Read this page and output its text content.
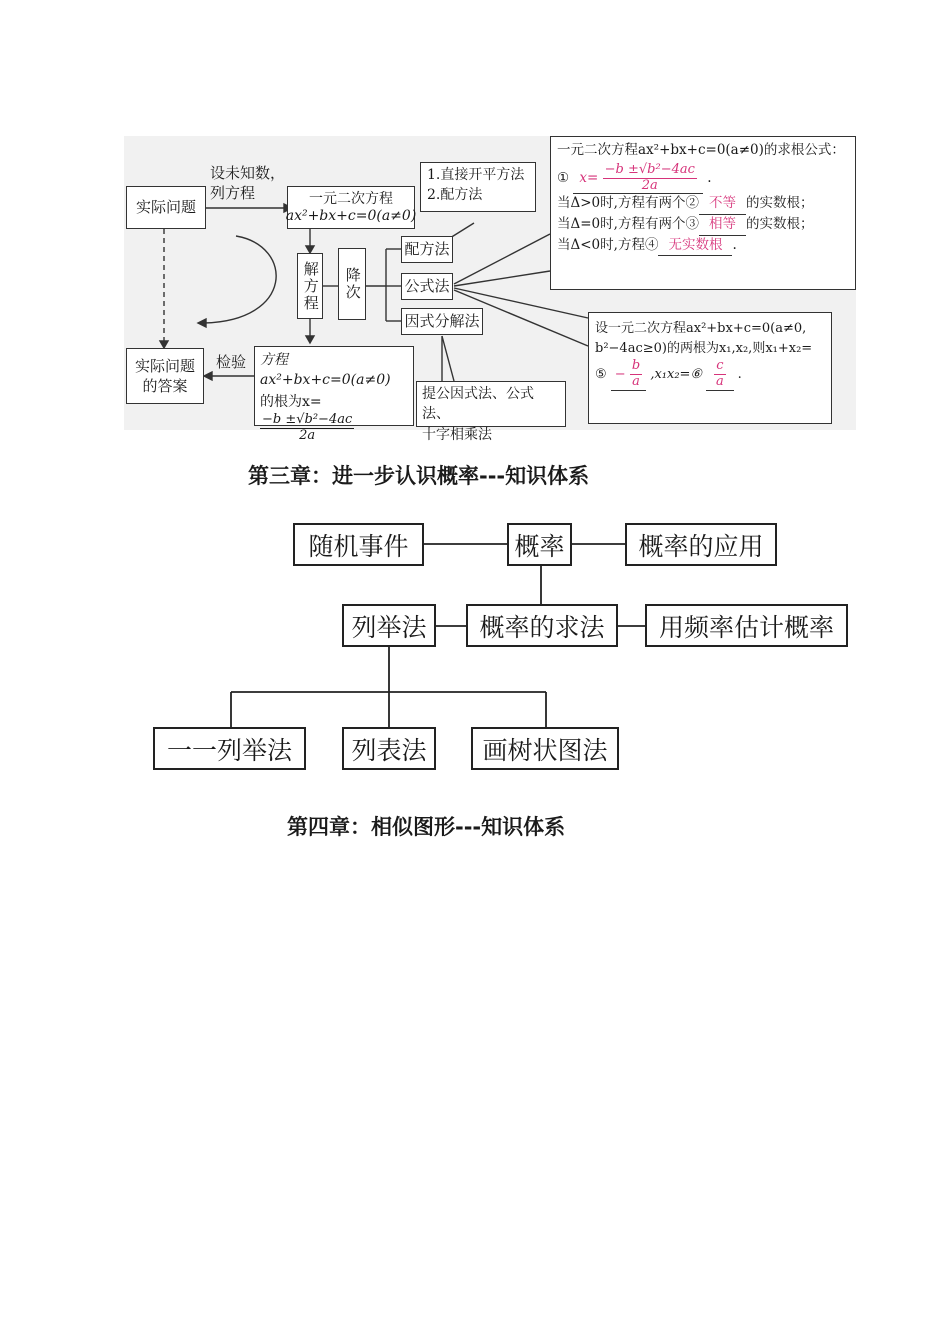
实际问题
设未知数，
列方程	一元二次方程
ax²+bx+c=0(a≠0)
解方程 降次
配方法
公式法
因式分解法
1.直接开平方法
2.配方法
一元二次方程ax²+bx+c=0(a≠0)的求根公式：
① $x= \frac{\text{−b ±√b²−4ac}}{2a}$ .
当Δ>0时,方程有两个② 不等 的实数根；
当Δ=0时,方程有两个③ 相等 的实数根；
当Δ<0时,方程④ 无实数根 .
设一元二次方程ax²+bx+c=0(a≠0,
b²−4ac≥0)的两根为x₁,x₂,则x₁+x₂=
⑤ − $\frac{b}{a}$ ,x₁x₂=⑥ $\frac{c}{a}$ .
提公因式法、公式法、
十字相乘法
检验 方程ax²+bx+c=0(a≠0)
的根为x=
$\frac{\text{−b ±√b²−4ac}}{2a}$
实际问题
的答案
第三章：进一步认识概率---知识体系
随机事件	概率	概率的应用
列举法 概率的求法 用频率估计概率
一一列举法 列表法 画树状图法
第四章：相似图形---知识体系
